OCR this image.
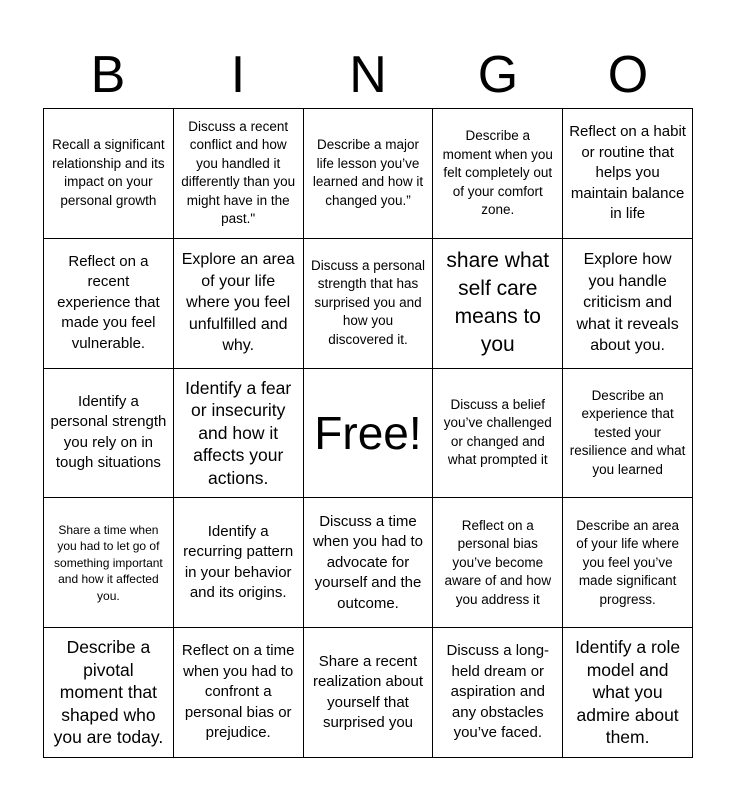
B	I	N	G	O
Recall a significant relationship and its impact on your personal growth
Discuss a recent conflict and how you handled it differently than you might have in the past."
Describe a major life lesson you’ve learned and how it changed you.”
Describe a moment when you felt completely out of your comfort zone.
Reflect on a habit or routine that helps you maintain balance in life
Reflect on a recent experience that made you feel vulnerable.
Explore an area of your life where you feel unfulfilled and why.
Discuss a personal strength that has surprised you and how you discovered it.
share what self care means to you
Explore how you handle criticism and what it reveals about you.
Identify a personal strength you rely on in tough situations
Identify a fear or insecurity and how it affects your actions.
Free!
Discuss a belief you’ve challenged or changed and what prompted it
Describe an experience that tested your resilience and what you learned
Share a time when you had to let go of something important and how it affected you.
Identify a recurring pattern in your behavior and its origins.
Discuss a time when you had to advocate for yourself and the outcome.
Reflect on a personal bias you’ve become aware of and how you address it
Describe an area of your life where you feel you’ve made significant progress.
Describe a pivotal moment that shaped who you are today.
Reflect on a time when you had to confront a personal bias or prejudice.
Share a recent realization about yourself that surprised you
Discuss a long-held dream or aspiration and any obstacles you’ve faced.
Identify a role model and what you admire about them.
